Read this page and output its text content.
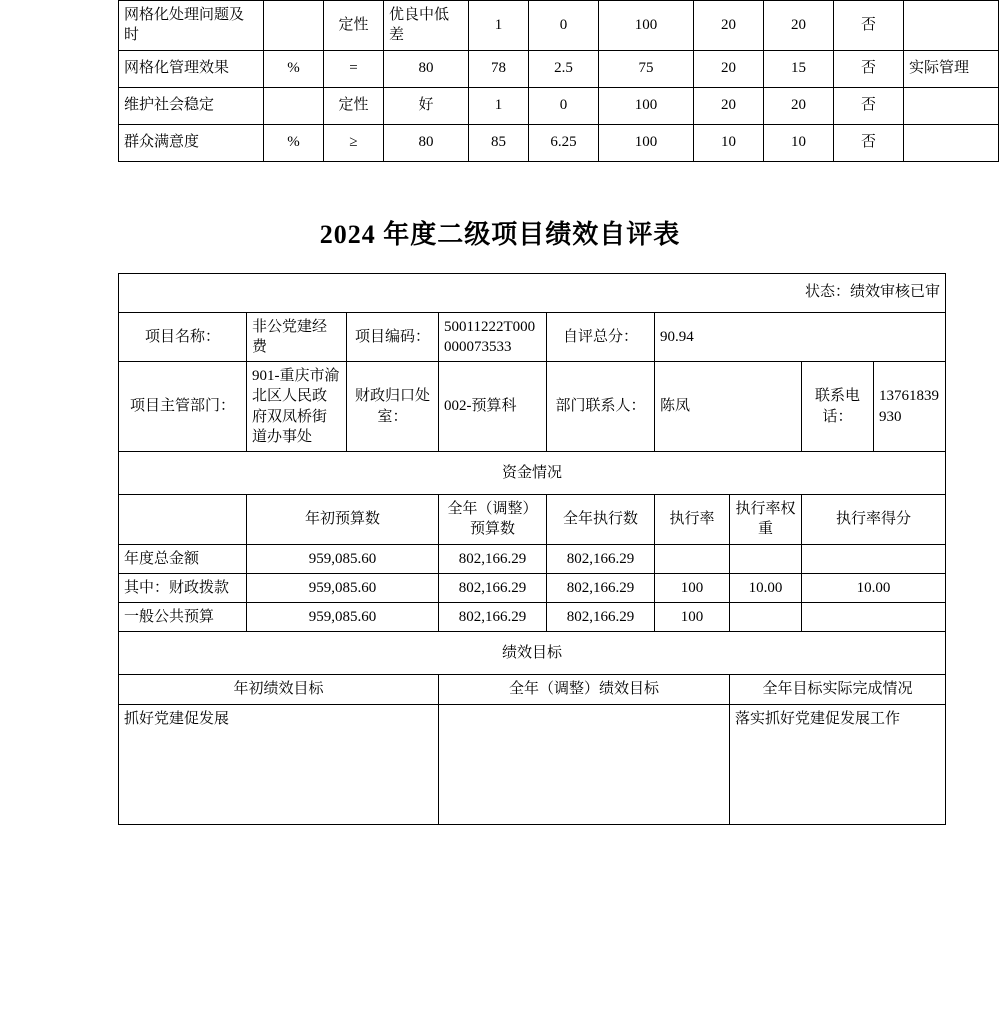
网格化处理问题及时		定性	优良中低差	1	0	100	20	20	否	
网格化管理效果	%	=	80	78	2.5	75	20	15	否	实际管理
维护社会稳定		定性	好	1	0	100	20	20	否	
群众满意度	%	≥	80	85	6.25	100	10	10	否	
2024 年度二级项目绩效自评表
状态：绩效审核已审								
项目名称：	非公党建经费	项目编码：	50011222T000000073533	自评总分：	90.94			
项目主管部门：	901-重庆市渝北区人民政府双凤桥街道办事处	财政归口处室：	002-预算科	部门联系人：	陈凤		联系电话：	13761839930
资金情况								
	年初预算数		全年（调整）预算数	全年执行数	执行率	执行率权重	执行率得分	
年度总金额	959,085.60		802,166.29	802,166.29				
其中：财政拨款	959,085.60		802,166.29	802,166.29	100	10.00	10.00	
一般公共预算	959,085.60		802,166.29	802,166.29	100			
绩效目标								
年初绩效目标			全年（调整）绩效目标			全年目标实际完成情况		
抓好党建促发展						落实抓好党建促发展工作		
